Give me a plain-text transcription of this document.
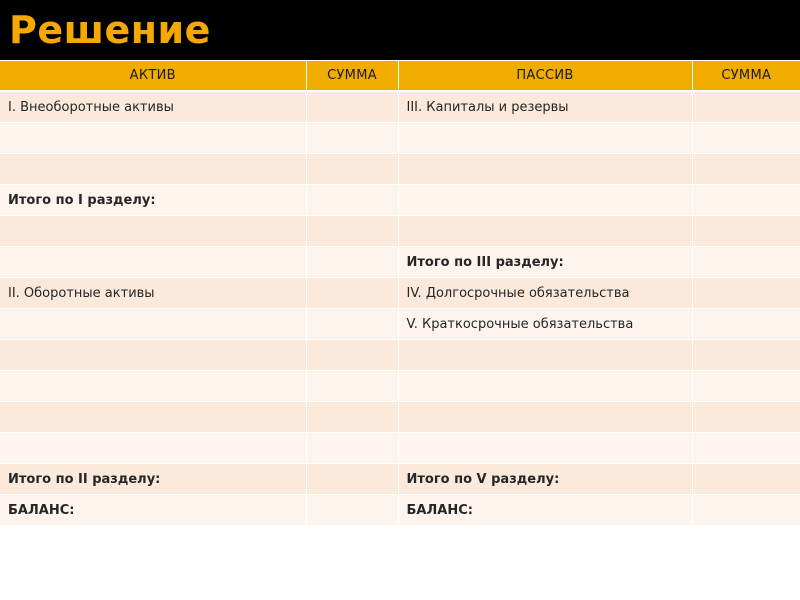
Решение
АКТИВ	СУММА	ПАССИВ	СУММА
I. Внеоборотные активы		III. Капиталы и резервы	

Итого по I разделу:			

		Итого по III разделу:	
II. Оборотные активы		IV. Долгосрочные обязательства	
		V. Краткосрочные обязательства	

Итого по II разделу:		Итого по V разделу:	
БАЛАНС:		БАЛАНС:	
